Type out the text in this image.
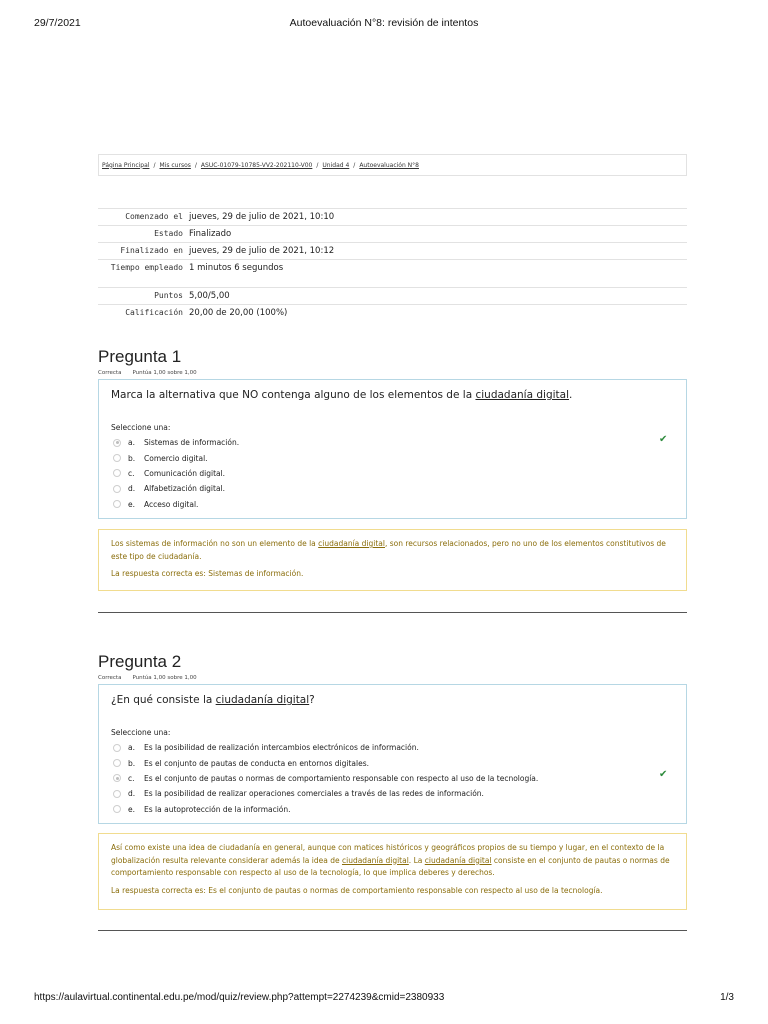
29/7/2021	Autoevaluación N°8: revisión de intentos
Página Principal / Mis cursos / ASUC-01079-10785-VV2-202110-V00 / Unidad 4 / Autoevaluación N°8
Comenzado el	jueves, 29 de julio de 2021, 10:10
Estado	Finalizado
Finalizado en	jueves, 29 de julio de 2021, 10:12
Tiempo empleado	1 minutos 6 segundos
Puntos	5,00/5,00
Calificación	20,00 de 20,00 (100%)
Pregunta 1
Correcta Puntúa 1,00 sobre 1,00
Marca la alternativa que NO contenga alguno de los elementos de la ciudadanía digital.
Seleccione una:
a.	Sistemas de información.
b.	Comercio digital.
c.	Comunicación digital.
d.	Alfabetización digital.
e.	Acceso digital.
✔
Los sistemas de información no son un elemento de la ciudadanía digital, son recursos relacionados, pero no uno de los elementos constitutivos de este tipo de ciudadanía.
La respuesta correcta es: Sistemas de información.
Pregunta 2
Correcta Puntúa 1,00 sobre 1,00
¿En qué consiste la ciudadanía digital?
Seleccione una:
a.	Es la posibilidad de realización intercambios electrónicos de información.
b.	Es el conjunto de pautas de conducta en entornos digitales.
c.	Es el conjunto de pautas o normas de comportamiento responsable con respecto al uso de la tecnología.
d.	Es la posibilidad de realizar operaciones comerciales a través de las redes de información.
e.	Es la autoprotección de la información.
✔
Así como existe una idea de ciudadanía en general, aunque con matices históricos y geográficos propios de su tiempo y lugar, en el contexto de la globalización resulta relevante considerar además la idea de ciudadanía digital. La ciudadanía digital consiste en el conjunto de pautas o normas de comportamiento responsable con respecto al uso de la tecnología, lo que implica deberes y derechos.
La respuesta correcta es: Es el conjunto de pautas o normas de comportamiento responsable con respecto al uso de la tecnología.
https://aulavirtual.continental.edu.pe/mod/quiz/review.php?attempt=2274239&cmid=2380933	1/3
